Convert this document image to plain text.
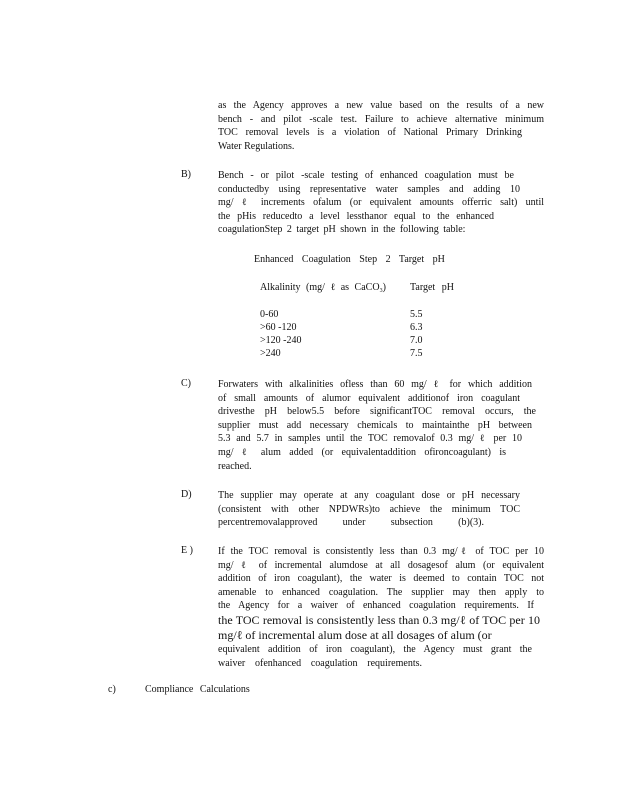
as the Agency approves a new value based on the results of a new
bench - and pilot -scale test. Failure to achieve alternative minimum
TOC removal levels is a violation of National Primary Drinking
Water Regulations.
B)	Bench - or pilot -scale testing of enhanced coagulation must be
conductedby using representative water samples and adding 10
mg/ ℓ increments ofalum (or equivalent amounts offerric salt) until
the pHis reducedto a level lessthanor equal to the enhanced
coagulationStep 2 target pH shown in the following table:
Enhanced Coagulation Step 2 Target pH
Alkalinity (mg/ ℓ as CaCO$_3$) Target pH
0-60	5.5
>60 -120	6.3
>120 -240	7.0
>240	7.5
C)	Forwaters with alkalinities ofless than 60 mg/ ℓ for which addition
of small amounts of alumor equivalent additionof iron coagulant
drivesthe pH below5.5 before significantTOC removal occurs, the
supplier must add necessary chemicals to maintainthe pH between
5.3 and 5.7 in samples until the TOC removalof 0.3 mg/ ℓ per 10
mg/ ℓ alum added (or equivalentaddition ofironcoagulant) is
reached.
D)	The supplier may operate at any coagulant dose or pH necessary
(consistent with other NPDWRs)to achieve the minimum TOC
percentremovalapproved under subsection (b)(3).
E )	If the TOC removal is consistently less than 0.3 mg/ℓ of TOC per 10
mg/ ℓ of incremental alumdose at all dosagesof alum (or equivalent
addition of iron coagulant), the water is deemed to contain TOC not
amenable to enhanced coagulation. The supplier may then apply to
the Agency for a waiver of enhanced coagulation requirements. If
the TOC removal is consistently less than 0.3 mg/ℓ of TOC per 10
mg/ℓ of incremental alum dose at all dosages of alum (or
equivalent addition of iron coagulant), the Agency must grant the
waiver ofenhanced coagulation requirements.
c)	Compliance Calculations
